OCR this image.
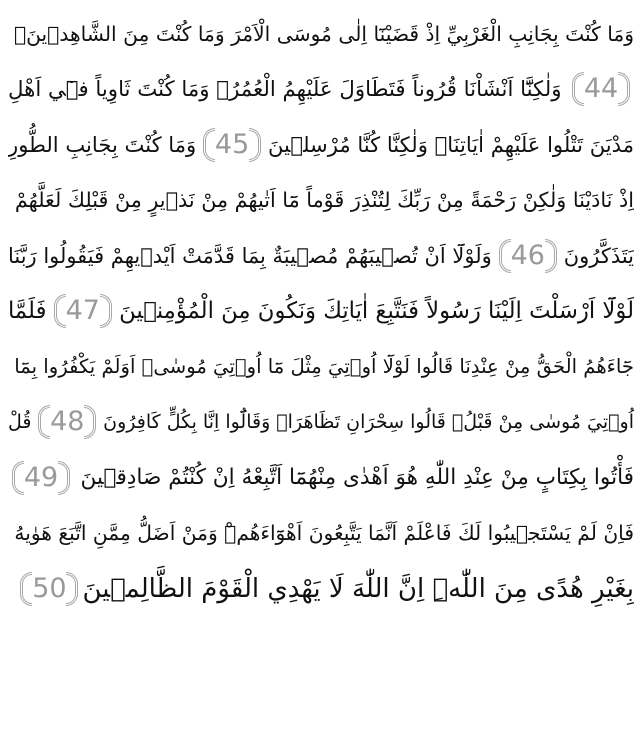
وَمَا كُنْتَ بِجَانِبِ الْغَرْبِيِّ اِذْ قَضَيْنَٓا اِلٰى مُوسَى الْاَمْرَ وَمَا كُنْتَ مِنَ الشَّاهِد۪ينَۙ
44
وَلٰكِنَّٓا اَنْشَاْنَا قُرُوناً فَتَطَاوَلَ عَلَيْهِمُ الْعُمُرُۚ وَمَا كُنْتَ ثَاوِياً ف۪ٓي اَهْلِ
مَدْيَنَ تَتْلُوا عَلَيْهِمْ اٰيَاتِنَاۙ وَلٰكِنَّا كُنَّا مُرْسِل۪ينَ
45
وَمَا كُنْتَ بِجَانِبِ الطُّورِ
اِذْ نَادَيْنَا وَلٰكِنْ رَحْمَةً مِنْ رَبِّكَ لِتُنْذِرَ قَوْماً مَٓا اَتٰيهُمْ مِنْ نَذ۪يرٍ مِنْ قَبْلِكَ لَعَلَّهُمْ
يَتَذَكَّرُونَ
46
وَلَوْلَٓا اَنْ تُص۪يبَهُمْ مُص۪يبَةٌ بِمَا قَدَّمَتْ اَيْد۪يهِمْ فَيَقُولُوا رَبَّنَا
لَوْلَٓا اَرْسَلْتَ اِلَيْنَا رَسُولاً فَنَتَّبِعَ اٰيَاتِكَ وَنَكُونَ مِنَ الْمُؤْمِن۪ينَ
47
فَلَمَّا
جَٓاءَهُمُ الْحَقُّ مِنْ عِنْدِنَا قَالُوا لَوْلَٓا اُو۫تِيَ مِثْلَ مَٓا اُو۫تِيَ مُوسٰىۜ اَوَلَمْ يَكْفُرُوا بِمَٓا
اُو۫تِيَ مُوسٰى مِنْ قَبْلُۚ قَالُوا سِحْرَانِ تَظَاهَرَاࣞ وَقَالُٓوا اِنَّا بِكُلٍّ كَافِرُونَ
48
قُلْ
فَأْتُوا بِكِتَابٍ مِنْ عِنْدِ اللّٰهِ هُوَ اَهْدٰى مِنْهُمَٓا اَتَّبِعْهُ اِنْ كُنْتُمْ صَادِق۪ينَ
49
فَاِنْ لَمْ يَسْتَج۪يبُوا لَكَ فَاعْلَمْ اَنَّمَا يَتَّبِعُونَ اَهْوَٓاءَهُمْۜ وَمَنْ اَضَلُّ مِمَّنِ اتَّبَعَ هَوٰيهُ
بِغَيْرِ هُدًى مِنَ اللّٰهِۜ اِنَّ اللّٰهَ لَا يَهْدِي الْقَوْمَ الظَّالِم۪ينَ
50
